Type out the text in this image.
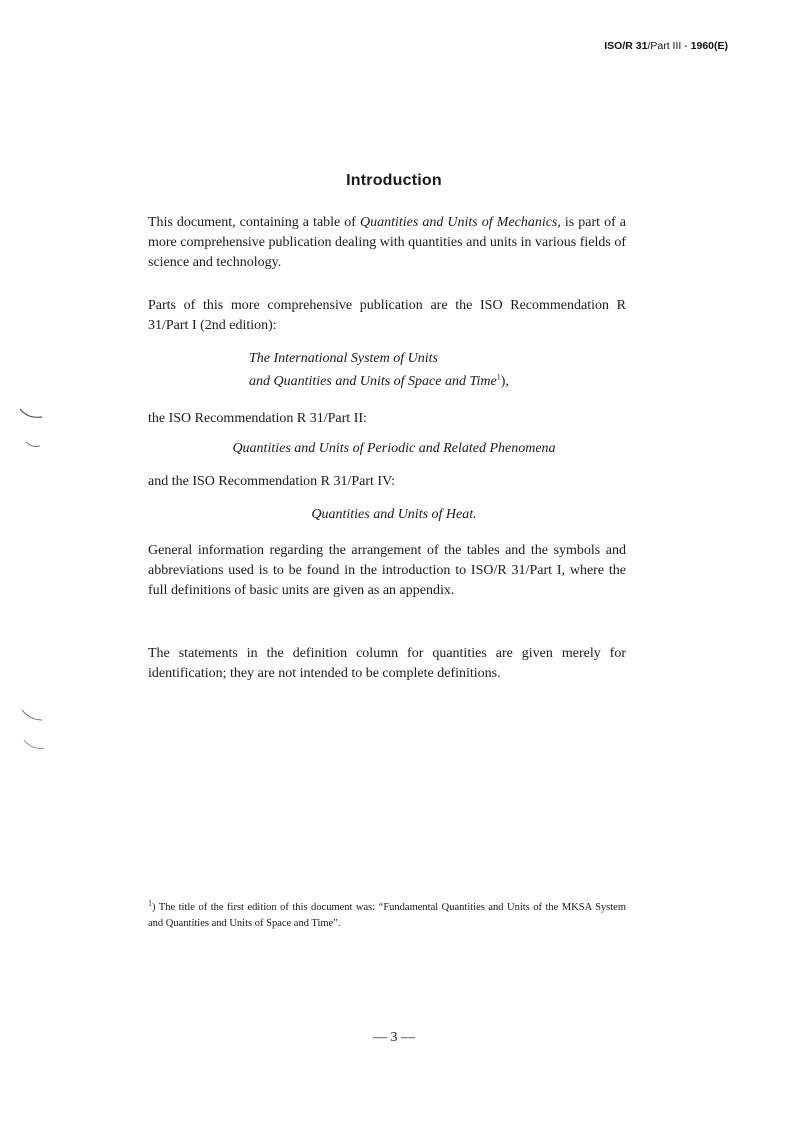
ISO/R 31/Part III - 1960(E)
Introduction
This document, containing a table of Quantities and Units of Mechanics, is part of a more comprehensive publication dealing with quantities and units in various fields of science and technology.
Parts of this more comprehensive publication are the ISO Recommendation R 31/Part I (2nd edition):
The International System of Units
and Quantities and Units of Space and Time$^1$),
the ISO Recommendation R 31/Part II:
Quantities and Units of Periodic and Related Phenomena
and the ISO Recommendation R 31/Part IV:
Quantities and Units of Heat.
General information regarding the arrangement of the tables and the symbols and abbreviations used is to be found in the introduction to ISO/R 31/Part I, where the full definitions of basic units are given as an appendix.
The statements in the definition column for quantities are given merely for identification; they are not intended to be complete definitions.
$^1$) The title of the first edition of this document was: “Fundamental Quantities and Units of the MKSA System and Quantities and Units of Space and Time”.
— 3 —
